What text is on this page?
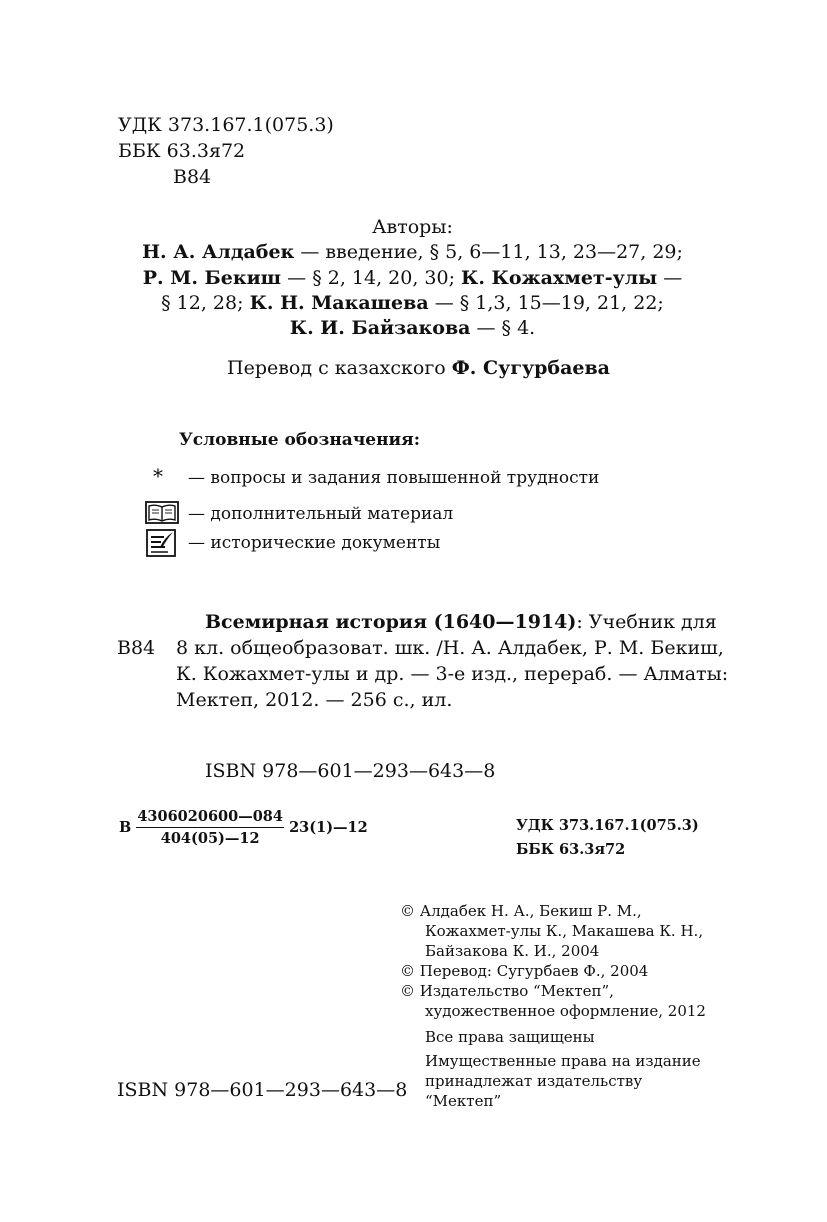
УДК 373.167.1(075.3)
ББК 63.3я72
В84
Авторы:
Н. А. Алдабек — введение, § 5, 6—11, 13, 23—27, 29;
Р. М. Бекиш — § 2, 14, 20, 30; К. Кожахмет-улы —
§ 12, 28; К. Н. Макашева — § 1,3, 15—19, 21, 22;
К. И. Байзакова — § 4.
Перевод с казахского Ф. Сугурбаева
Условные обозначения:
* — вопросы и задания повышенной трудности
— дополнительный материал
— исторические документы
В84
Всемирная история (1640—1914): Учебник для
8 кл. общеобразоват. шк. /Н. А. Алдабек, Р. М. Бекиш,
К. Кожахмет-улы и др. — 3-е изд., перераб. — Алматы:
Мектеп, 2012. — 256 с., ил.
ISBN 978—601—293—643—8
В $\frac{4306020600—084}{404(05)—12}$ 23(1)—12	УДК 373.167.1(075.3)
ББК 63.3я72
© Алдабек Н. А., Бекиш Р. М.,
Кожахмет-улы К., Макашева К. Н.,
Байзакова К. И., 2004
© Перевод: Сугурбаев Ф., 2004
© Издательство “Мектеп”,
художественное оформление, 2012
Все права защищены
Имущественные права на издание
принадлежат издательству
“Мектеп”
ISBN 978—601—293—643—8
